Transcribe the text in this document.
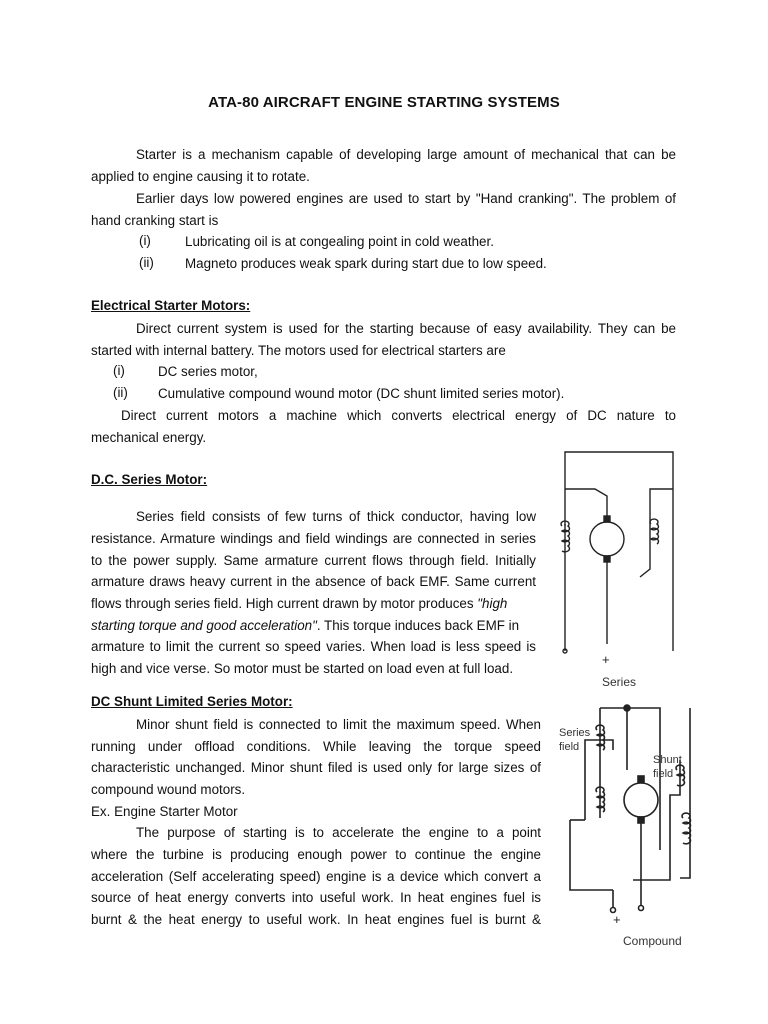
ATA-80 AIRCRAFT ENGINE STARTING SYSTEMS
Starter is a mechanism capable of developing large amount of mechanical that can be
applied to engine causing it to rotate.
Earlier days low powered engines are used to start by "Hand cranking". The problem of
hand cranking start is
(i)	Lubricating oil is at congealing point in cold weather.
(ii) Magneto produces weak spark during start due to low speed.
Electrical Starter Motors:
Direct current system is used for the starting because of easy availability. They can be
started with internal battery. The motors used for electrical starters are
(i) DC series motor,
(ii) Cumulative compound wound motor (DC shunt limited series motor).
Direct current motors a machine which converts electrical energy of DC nature to
mechanical energy.
D.C. Series Motor:
Series field consists of few turns of thick conductor, having low
resistance. Armature windings and field windings are connected in series
to the power supply. Same armature current flows through field. Initially
armature draws heavy current in the absence of back EMF. Same current
flows through series field. High current drawn by motor produces "high
starting torque and good acceleration". This torque induces back EMF in
armature to limit the current so speed varies. When load is less speed is
high and vice verse. So motor must be started on load even at full load.
DC Shunt Limited Series Motor:
Minor shunt field is connected to limit the maximum speed. When
running under offload conditions. While leaving the torque speed
characteristic unchanged. Minor shunt filed is used only for large sizes of
compound wound motors.
Ex. Engine Starter Motor
The purpose of starting is to accelerate the engine to a point
where the turbine is producing enough power to continue the engine
acceleration (Self accelerating speed) engine is a device which convert a
source of heat energy converts into useful work. In heat engines fuel is
burnt & the heat energy to useful work. In heat engines fuel is burnt &
+
Series
Series
field
Shunt
field
+
Compound
